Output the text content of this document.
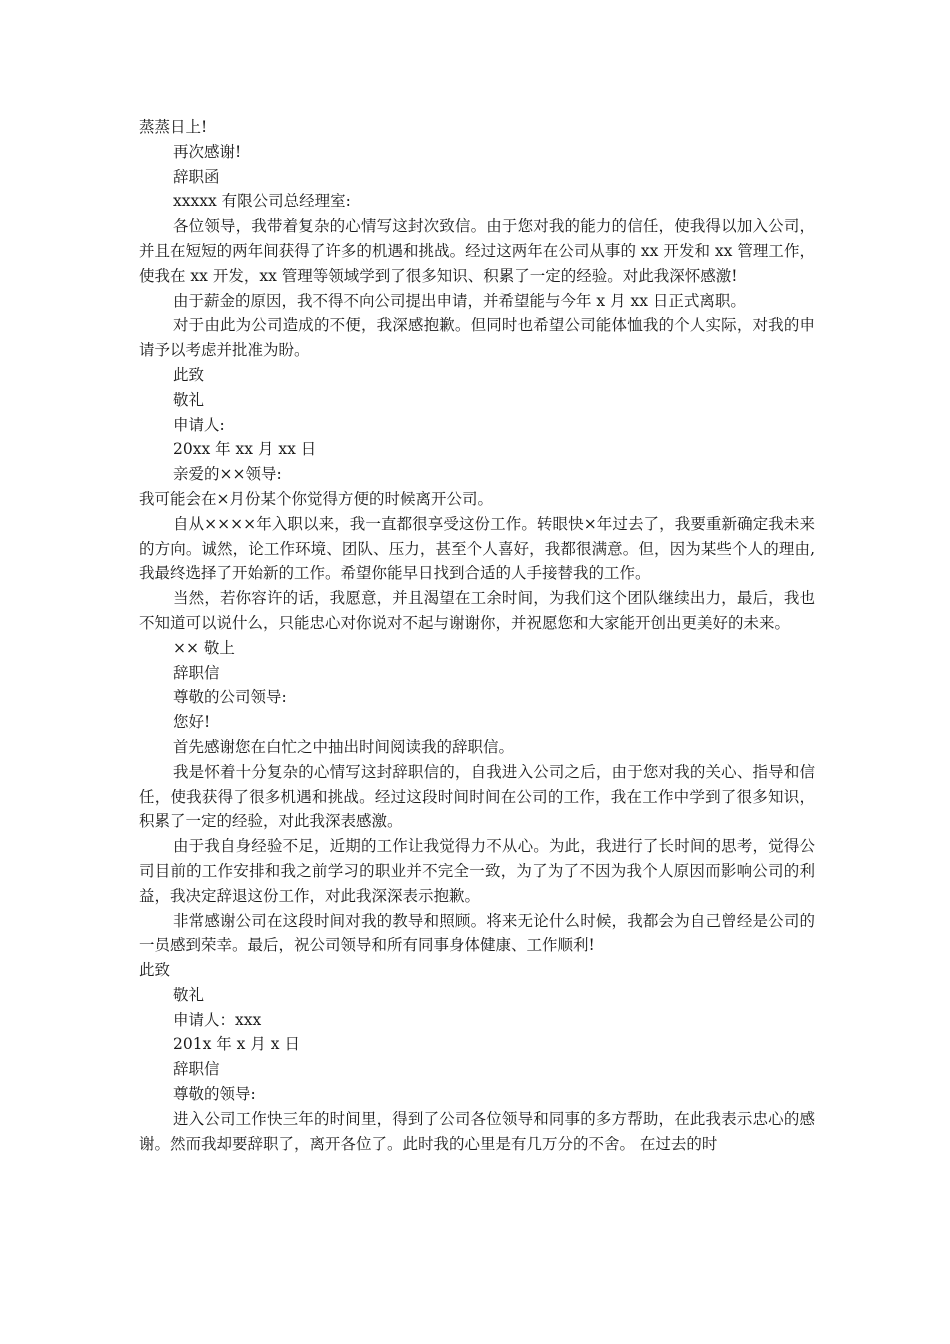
蒸蒸日上!

再次感谢!

辞职函

xxxxx 有限公司总经理室:

各位领导，我带着复杂的心情写这封次致信。由于您对我的能力的信任，使我得以加入公司，并且在短短的两年间获得了许多的机遇和挑战。经过这两年在公司从事的 xx 开发和 xx 管理工作，使我在 xx 开发，xx 管理等领域学到了很多知识、积累了一定的经验。对此我深怀感激!

由于薪金的原因，我不得不向公司提出申请，并希望能与今年 x 月 xx 日正式离职。

对于由此为公司造成的不便，我深感抱歉。但同时也希望公司能体恤我的个人实际，对我的申请予以考虑并批准为盼。

此致

敬礼

申请人:

20xx 年 xx 月 xx 日

亲爱的××领导:

我可能会在×月份某个你觉得方便的时候离开公司。

自从××××年入职以来，我一直都很享受这份工作。转眼快×年过去了，我要重新确定我未来的方向。诚然，论工作环境、团队、压力，甚至个人喜好，我都很满意。但，因为某些个人的理由,我最终选择了开始新的工作。希望你能早日找到合适的人手接替我的工作。

当然，若你容许的话，我愿意，并且渴望在工余时间，为我们这个团队继续出力，最后，我也不知道可以说什么，只能忠心对你说对不起与谢谢你，并祝愿您和大家能开创出更美好的未来。

×× 敬上

辞职信

尊敬的公司领导:

您好!

首先感谢您在白忙之中抽出时间阅读我的辞职信。

我是怀着十分复杂的心情写这封辞职信的，自我进入公司之后，由于您对我的关心、指导和信任，使我获得了很多机遇和挑战。经过这段时间时间在公司的工作，我在工作中学到了很多知识，积累了一定的经验，对此我深表感激。

由于我自身经验不足，近期的工作让我觉得力不从心。为此，我进行了长时间的思考，觉得公司目前的工作安排和我之前学习的职业并不完全一致，为了为了不因为我个人原因而影响公司的利益，我决定辞退这份工作，对此我深深表示抱歉。

非常感谢公司在这段时间对我的教导和照顾。将来无论什么时候，我都会为自己曾经是公司的一员感到荣幸。最后，祝公司领导和所有同事身体健康、工作顺利!

此致

敬礼

申请人：xxx

201x 年 x 月 x 日

辞职信

尊敬的领导:

进入公司工作快三年的时间里，得到了公司各位领导和同事的多方帮助，在此我表示忠心的感谢。然而我却要辞职了，离开各位了。此时我的心里是有几万分的不舍。 在过去的时
